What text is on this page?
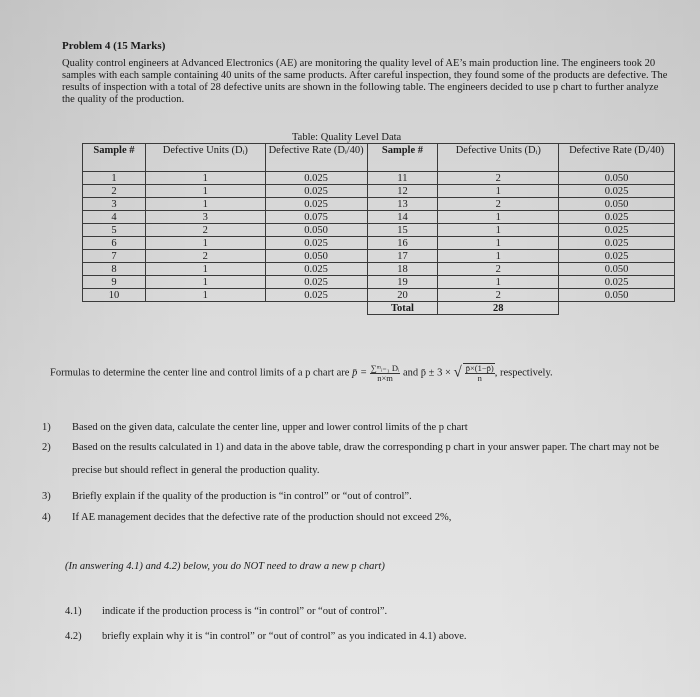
Problem 4 (15 Marks)
Quality control engineers at Advanced Electronics (AE) are monitoring the quality level of AE’s main production line. The engineers took 20 samples with each sample containing 40 units of the same products. After careful inspection, they found some of the products are defective. The results of inspection with a total of 28 defective units are shown in the following table. The engineers decided to use p chart to further analyze the quality of the production.
Table: Quality Level Data
Sample #	Defective Units (Dᵢ)	Defective Rate (Dᵢ/40)	Sample #	Defective Units (Dᵢ)	Defective Rate (Dᵢ/40)
1	1	0.025	11	2	0.050
2	1	0.025	12	1	0.025
3	1	0.025	13	2	0.050
4	3	0.075	14	1	0.025
5	2	0.050	15	1	0.025
6	1	0.025	16	1	0.025
7	2	0.050	17	1	0.025
8	1	0.025	18	2	0.050
9	1	0.025	19	1	0.025
10	1	0.025	20	2	0.050
			Total	28	
Formulas to determine the center line and control limits of a p chart are p̄ = $\frac{\text{∑ᵐᵢ₌₁ Dᵢ}}{n\times m}$ and p̄ ± 3 × √ $\frac{p̄\times(1-p̄)}{n}$ , respectively.
1)	Based on the given data, calculate the center line, upper and lower control limits of the p chart
2)	Based on the results calculated in 1) and data in the above table, draw the corresponding p chart in your answer paper. The chart may not be precise but should reflect in general the production quality.
3)	Briefly explain if the quality of the production is “in control” or “out of control”.
4)	If AE management decides that the defective rate of the production should not exceed 2%,
(In answering 4.1) and 4.2) below, you do NOT need to draw a new p chart)
4.1) indicate if the production process is “in control” or “out of control”.
4.2) briefly explain why it is “in control” or “out of control” as you indicated in 4.1) above.
